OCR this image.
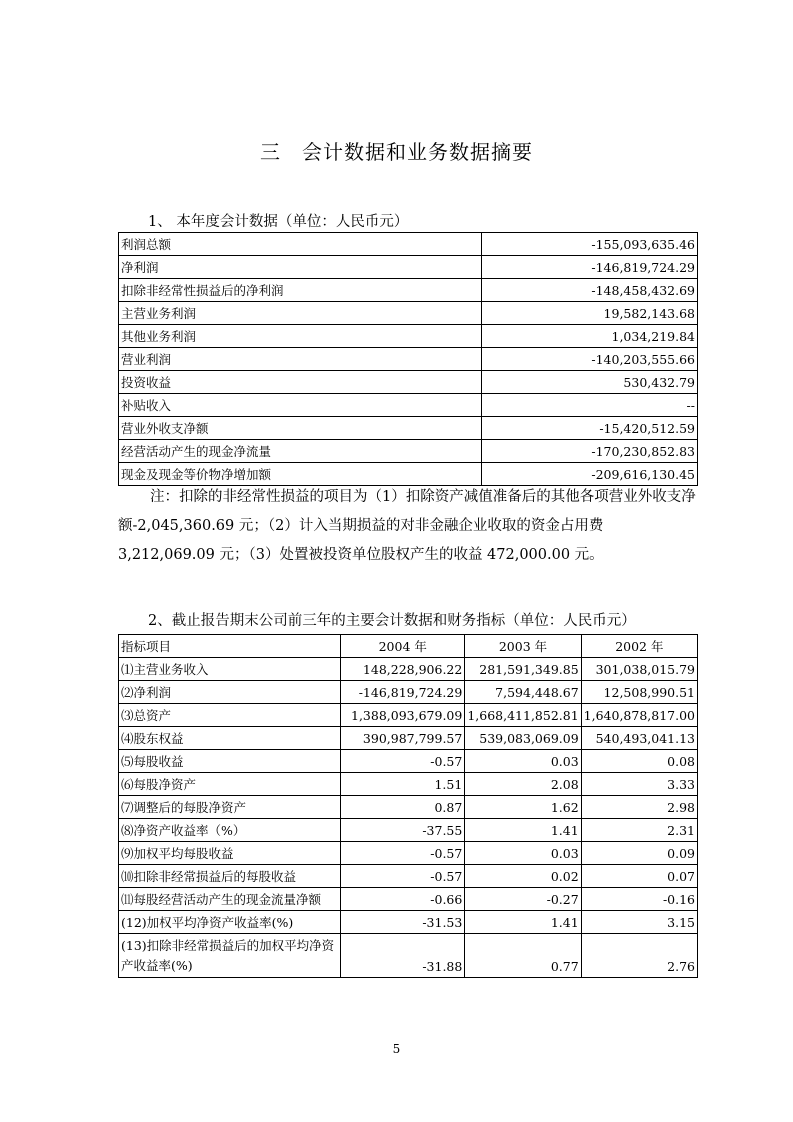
三　会计数据和业务数据摘要
1、 本年度会计数据（单位：人民币元）
利润总额	-155,093,635.46
净利润	-146,819,724.29
扣除非经常性损益后的净利润	-148,458,432.69
主营业务利润	19,582,143.68
其他业务利润	1,034,219.84
营业利润	-140,203,555.66
投资收益	530,432.79
补贴收入	--
营业外收支净额	-15,420,512.59
经营活动产生的现金净流量	-170,230,852.83
现金及现金等价物净增加额	-209,616,130.45
注：扣除的非经常性损益的项目为（1）扣除资产减值准备后的其他各项营业外收支净额-2,045,360.69 元；（2）计入当期损益的对非金融企业收取的资金占用费 3,212,069.09 元；（3）处置被投资单位股权产生的收益 472,000.00 元。
2、截止报告期末公司前三年的主要会计数据和财务指标（单位：人民币元）
指标项目	2004 年	2003 年	2002 年
⑴主营业务收入	148,228,906.22	281,591,349.85	301,038,015.79
⑵净利润	-146,819,724.29	7,594,448.67	12,508,990.51
⑶总资产	1,388,093,679.09	1,668,411,852.81	1,640,878,817.00
⑷股东权益	390,987,799.57	539,083,069.09	540,493,041.13
⑸每股收益	-0.57	0.03	0.08
⑹每股净资产	1.51	2.08	3.33
⑺调整后的每股净资产	0.87	1.62	2.98
⑻净资产收益率（%）	-37.55	1.41	2.31
⑼加权平均每股收益	-0.57	0.03	0.09
⑽扣除非经常损益后的每股收益	-0.57	0.02	0.07
⑾每股经营活动产生的现金流量净额	-0.66	-0.27	-0.16
(12)加权平均净资产收益率(%)	-31.53	1.41	3.15
(13)扣除非经常损益后的加权平均净资产收益率(%)	-31.88	0.77	2.76
5
